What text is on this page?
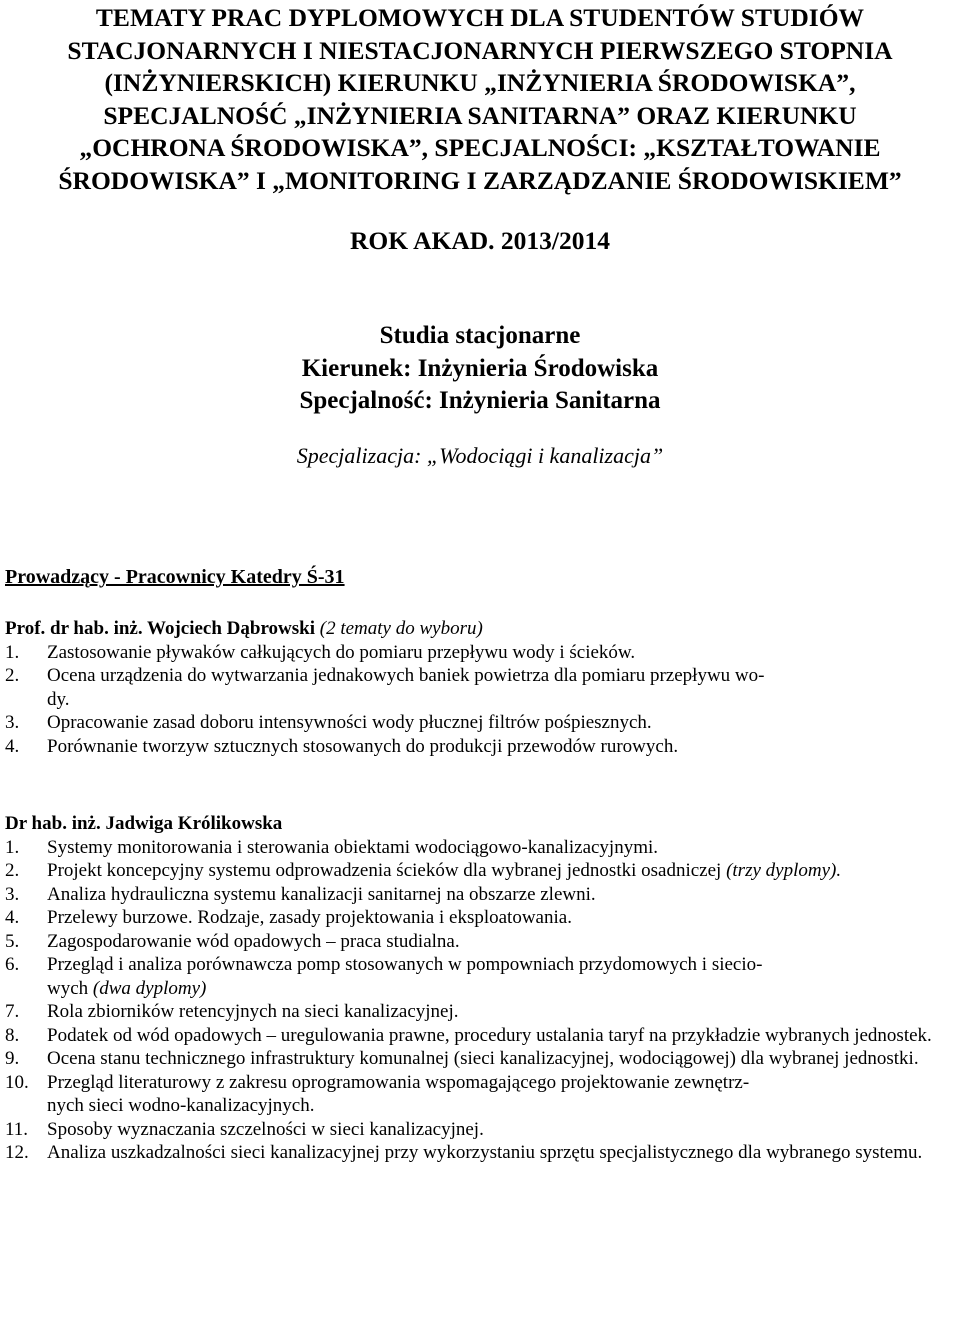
TEMATY PRAC DYPLOMOWYCH DLA STUDENTÓW STUDIÓW
STACJONARNYCH I NIESTACJONARNYCH PIERWSZEGO STOPNIA
(INŻYNIERSKICH) KIERUNKU „INŻYNIERIA ŚRODOWISKA”,
SPECJALNOŚĆ „INŻYNIERIA SANITARNA” ORAZ KIERUNKU
„OCHRONA ŚRODOWISKA”, SPECJALNOŚCI: „KSZTAŁTOWANIE
ŚRODOWISKA” I „MONITORING I ZARZĄDZANIE ŚRODOWISKIEM”
ROK AKAD. 2013/2014
Studia stacjonarne
Kierunek: Inżynieria Środowiska
Specjalność: Inżynieria Sanitarna
Specjalizacja: „Wodociągi i kanalizacja”
Prowadzący - Pracownicy Katedry Ś-31
Prof. dr hab. inż. Wojciech Dąbrowski (2 tematy do wyboru)
1. Zastosowanie pływaków całkujących do pomiaru przepływu wody i ścieków.
2. Ocena urządzenia do wytwarzania jednakowych baniek powietrza dla pomiaru przepływu wo-
dy.
3. Opracowanie zasad doboru intensywności wody płucznej filtrów pośpiesznych.
4. Porównanie tworzyw sztucznych stosowanych do produkcji przewodów rurowych.
Dr hab. inż. Jadwiga Królikowska
1. Systemy monitorowania i sterowania obiektami wodociągowo-kanalizacyjnymi.
2. Projekt koncepcyjny systemu odprowadzenia ścieków dla wybranej jednostki osadniczej (trzy dyplomy).
3. Analiza hydrauliczna systemu kanalizacji sanitarnej na obszarze zlewni.
4. Przelewy burzowe. Rodzaje, zasady projektowania i eksploatowania.
5. Zagospodarowanie wód opadowych – praca studialna.
6. Przegląd i analiza porównawcza pomp stosowanych w pompowniach przydomowych i siecio-
wych (dwa dyplomy)
7. Rola zbiorników retencyjnych na sieci kanalizacyjnej.
8. Podatek od wód opadowych – uregulowania prawne, procedury ustalania taryf na przykładzie wybranych jednostek.
9. Ocena stanu technicznego infrastruktury komunalnej (sieci kanalizacyjnej, wodociągowej) dla wybranej jednostki.
10. Przegląd literaturowy z zakresu oprogramowania wspomagającego projektowanie zewnętrz-
nych sieci wodno-kanalizacyjnych.
11. Sposoby wyznaczania szczelności w sieci kanalizacyjnej.
12. Analiza uszkadzalności sieci kanalizacyjnej przy wykorzystaniu sprzętu specjalistycznego dla wybranego systemu.
